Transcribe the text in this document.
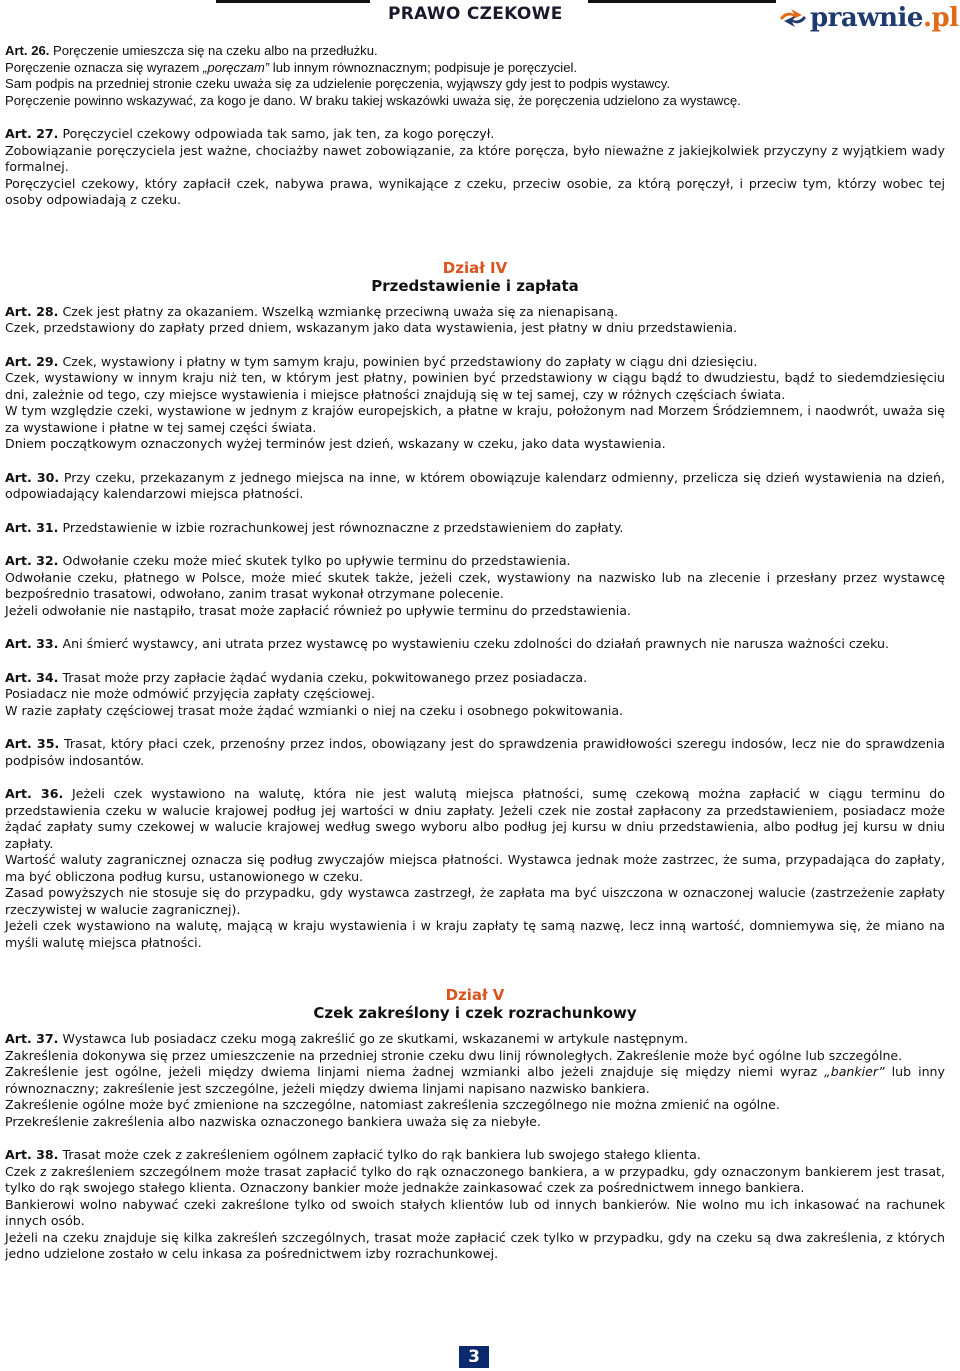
PRAWO CZEKOWE	prawnie.pl

Art. 26. Poręczenie umieszcza się na czeku albo na przedłużku.

Poręczenie oznacza się wyrazem „poręczam” lub innym równoznacznym; podpisuje je poręczyciel.

Sam podpis na przedniej stronie czeku uważa się za udzielenie poręczenia, wyjąwszy gdy jest to podpis wystawcy.

Poręczenie powinno wskazywać, za kogo je dano. W braku takiej wskazówki uważa się, że poręczenia udzielono za wystawcę.

Art. 27. Poręczyciel czekowy odpowiada tak samo, jak ten, za kogo poręczył.

Zobowiązanie poręczyciela jest ważne, chociażby nawet zobowiązanie, za które poręcza, było nieważne z jakiejkolwiek przyczyny z wyjątkiem wady formalnej.

Poręczyciel czekowy, który zapłacił czek, nabywa prawa, wynikające z czeku, przeciw osobie, za którą poręczył, i przeciw tym, którzy wobec tej osoby odpowiadają z czeku.

Dział IV

Przedstawienie i zapłata

Art. 28. Czek jest płatny za okazaniem. Wszelką wzmiankę przeciwną uważa się za nienapisaną.

Czek, przedstawiony do zapłaty przed dniem, wskazanym jako data wystawienia, jest płatny w dniu przedstawienia.

Art. 29. Czek, wystawiony i płatny w tym samym kraju, powinien być przedstawiony do zapłaty w ciągu dni dziesięciu.

Czek, wystawiony w innym kraju niż ten, w którym jest płatny, powinien być przedstawiony w ciągu bądź to dwudziestu, bądź to siedemdziesięciu dni, zależnie od tego, czy miejsce wystawienia i miejsce płatności znajdują się w tej samej, czy w różnych częściach świata.

W tym względzie czeki, wystawione w jednym z krajów europejskich, a płatne w kraju, położonym nad Morzem Śródziemnem, i naodwrót, uważa się za wystawione i płatne w tej samej części świata.

Dniem początkowym oznaczonych wyżej terminów jest dzień, wskazany w czeku, jako data wystawienia.

Art. 30. Przy czeku, przekazanym z jednego miejsca na inne, w którem obowiązuje kalendarz odmienny, przelicza się dzień wystawienia na dzień, odpowiadający kalendarzowi miejsca płatności.

Art. 31. Przedstawienie w izbie rozrachunkowej jest równoznaczne z przedstawieniem do zapłaty.

Art. 32. Odwołanie czeku może mieć skutek tylko po upływie terminu do przedstawienia.

Odwołanie czeku, płatnego w Polsce, może mieć skutek także, jeżeli czek, wystawiony na nazwisko lub na zlecenie i przesłany przez wystawcę bezpośrednio trasatowi, odwołano, zanim trasat wykonał otrzymane polecenie.

Jeżeli odwołanie nie nastąpiło, trasat może zapłacić również po upływie terminu do przedstawienia.

Art. 33. Ani śmierć wystawcy, ani utrata przez wystawcę po wystawieniu czeku zdolności do działań prawnych nie narusza ważności czeku.

Art. 34. Trasat może przy zapłacie żądać wydania czeku, pokwitowanego przez posiadacza.

Posiadacz nie może odmówić przyjęcia zapłaty częściowej.

W razie zapłaty częściowej trasat może żądać wzmianki o niej na czeku i osobnego pokwitowania.

Art. 35. Trasat, który płaci czek, przenośny przez indos, obowiązany jest do sprawdzenia prawidłowości szeregu indosów, lecz nie do sprawdzenia podpisów indosantów.

Art. 36. Jeżeli czek wystawiono na walutę, która nie jest walutą miejsca płatności, sumę czekową można zapłacić w ciągu terminu do przedstawienia czeku w walucie krajowej podług jej wartości w dniu zapłaty. Jeżeli czek nie został zapłacony za przedstawieniem, posiadacz może żądać zapłaty sumy czekowej w walucie krajowej według swego wyboru albo podług jej kursu w dniu przedstawienia, albo podług jej kursu w dniu zapłaty.

Wartość waluty zagranicznej oznacza się podług zwyczajów miejsca płatności. Wystawca jednak może zastrzec, że suma, przypadająca do zapłaty, ma być obliczona podług kursu, ustanowionego w czeku.

Zasad powyższych nie stosuje się do przypadku, gdy wystawca zastrzegł, że zapłata ma być uiszczona w oznaczonej walucie (zastrzeżenie zapłaty rzeczywistej w walucie zagranicznej).

Jeżeli czek wystawiono na walutę, mającą w kraju wystawienia i w kraju zapłaty tę samą nazwę, lecz inną wartość, domniemywa się, że miano na myśli walutę miejsca płatności.

Dział V

Czek zakreślony i czek rozrachunkowy

Art. 37. Wystawca lub posiadacz czeku mogą zakreślić go ze skutkami, wskazanemi w artykule następnym.

Zakreślenia dokonywa się przez umieszczenie na przedniej stronie czeku dwu linij równoległych. Zakreślenie może być ogólne lub szczególne.

Zakreślenie jest ogólne, jeżeli między dwiema linjami niema żadnej wzmianki albo jeżeli znajduje się między niemi wyraz „bankier” lub inny równoznaczny; zakreślenie jest szczególne, jeżeli między dwiema linjami napisano nazwisko bankiera.

Zakreślenie ogólne może być zmienione na szczególne, natomiast zakreślenia szczególnego nie można zmienić na ogólne.

Przekreślenie zakreślenia albo nazwiska oznaczonego bankiera uważa się za niebyłe.

Art. 38. Trasat może czek z zakreśleniem ogólnem zapłacić tylko do rąk bankiera lub swojego stałego klienta.

Czek z zakreśleniem szczególnem może trasat zapłacić tylko do rąk oznaczonego bankiera, a w przypadku, gdy oznaczonym bankierem jest trasat, tylko do rąk swojego stałego klienta. Oznaczony bankier może jednakże zainkasować czek za pośrednictwem innego bankiera.

Bankierowi wolno nabywać czeki zakreślone tylko od swoich stałych klientów lub od innych bankierów. Nie wolno mu ich inkasować na rachunek innych osób.

Jeżeli na czeku znajduje się kilka zakreśleń szczególnych, trasat może zapłacić czek tylko w przypadku, gdy na czeku są dwa zakreślenia, z których jedno udzielone zostało w celu inkasa za pośrednictwem izby rozrachunkowej.

3
